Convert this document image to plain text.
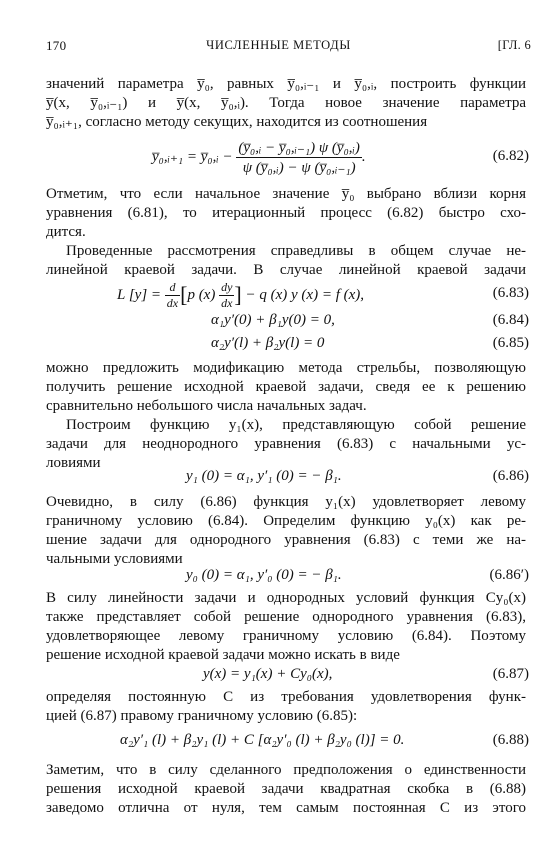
170	ЧИСЛЕННЫЕ МЕТОДЫ	[ГЛ. 6
значений параметра y̅₀, равных y̅₀,ᵢ₋₁ и y̅₀,ᵢ, построить функции
y̅(x, y̅₀,ᵢ₋₁) и y̅(x, y̅₀,ᵢ). Тогда новое значение параметра
y̅₀,ᵢ₊₁, согласно методу секущих, находится из соотношения
y̅₀,ᵢ₊₁ = y̅₀,ᵢ − $\frac{\text{(y̅₀,ᵢ − y̅₀,ᵢ₋₁) ψ (y̅₀,ᵢ)}}{\text{ψ (y̅₀,ᵢ) − ψ (y̅₀,ᵢ₋₁)}}$ .	(6.82)
Отметим, что если начальное значение y̅₀ выбрано вблизи корня
уравнения (6.81), то итерационный процесс (6.82) быстро схо-
дится.
Проведенные рассмотрения справедливы в общем случае не-
линейной краевой задачи. В случае линейной краевой задачи
L $[y] = \frac{d}{dx} [p$ $(x) \frac{dy}{dx}$ ] − q (x) y (x) = f (x),	(6.83)
α₁y′(0) + β₁y(0) = 0,	(6.84)
α₂y′(l) + β₂y(l) = 0	(6.85)
можно предложить модификацию метода стрельбы, позволяющую
получить решение исходной краевой задачи, сведя ее к решению
сравнительно небольшого числа начальных задач.
Построим функцию y₁(x), представляющую собой решение
задачи для неоднородного уравнения (6.83) с начальными ус-
ловиями
y₁ (0) = α₁, y′₁ (0) = − β₁.	(6.86)
Очевидно, в силу (6.86) функция y₁(x) удовлетворяет левому
граничному условию (6.84). Определим функцию y₀(x) как ре-
шение задачи для однородного уравнения (6.83) с теми же на-
чальными условиями
y₀ (0) = α₁, y′₀ (0) = − β₁.	(6.86′)
В силу линейности задачи и однородных условий функция Cy₀(x)
также представляет собой решение однородного уравнения (6.83),
удовлетворяющее левому граничному условию (6.84). Поэтому
решение исходной краевой задачи можно искать в виде
y(x) = y₁(x) + Cy₀(x),	(6.87)
определяя постоянную C из требования удовлетворения функ-
цией (6.87) правому граничному условию (6.85):
α₂y′₁ (l) + β₂y₁ (l) + C [α₂y′₀ (l) + β₂y₀ (l)] = 0.	(6.88)
Заметим, что в силу сделанного предположения о единственности
решения исходной краевой задачи квадратная скобка в (6.88)
заведомо отлична от нуля, тем самым постоянная C из этого
